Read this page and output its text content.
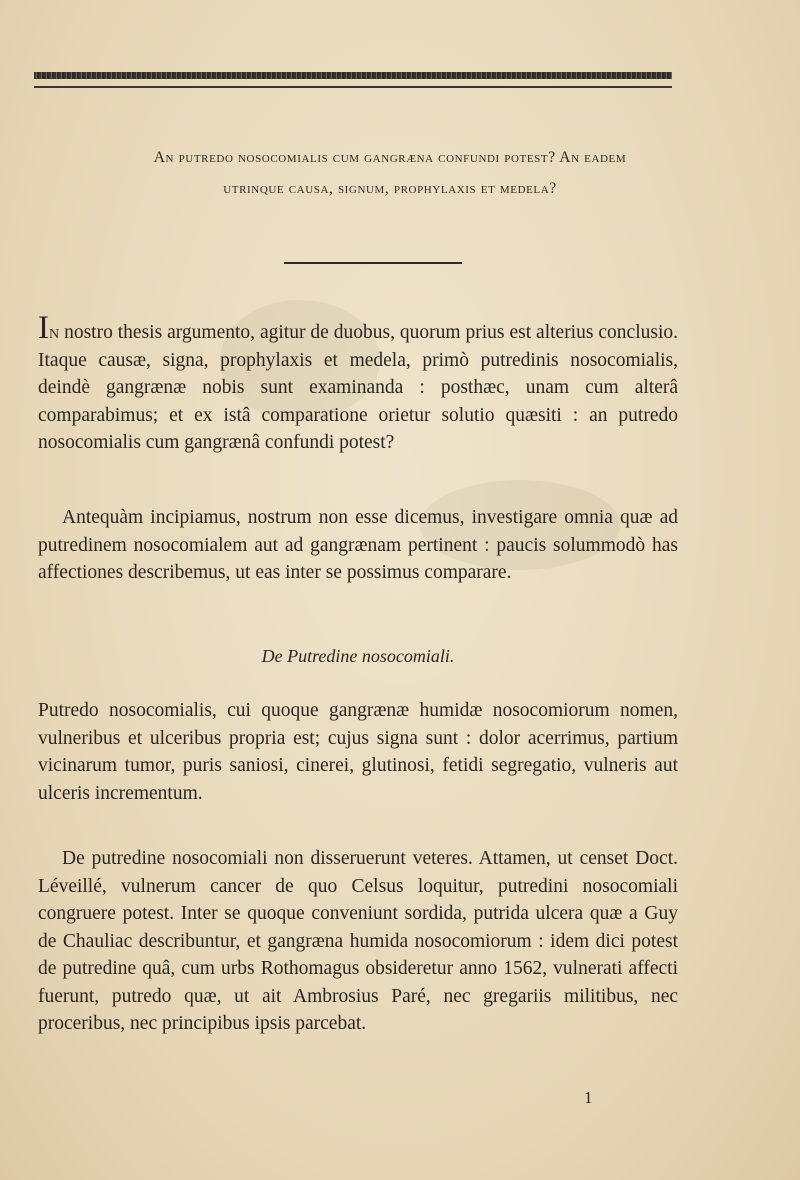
An putredo nosocomialis cum gangræna confundi potest? An eadem
utrinque causa, signum, prophylaxis et medela?
In nostro thesis argumento, agitur de duobus, quorum prius est alterius conclusio. Itaque causæ, signa, prophylaxis et medela, primò putredinis nosocomialis, deindè gangrænæ nobis sunt examinanda : posthæc, unam cum alterâ comparabimus; et ex istâ comparatione orietur solutio quæsiti : an putredo nosocomialis cum gangrænâ confundi potest?
Antequàm incipiamus, nostrum non esse dicemus, investigare omnia quæ ad putredinem nosocomialem aut ad gangrænam pertinent : paucis solummodò has affectiones describemus, ut eas inter se possimus comparare.
De Putredine nosocomiali.
Putredo nosocomialis, cui quoque gangrænæ humidæ nosocomiorum nomen, vulneribus et ulceribus propria est; cujus signa sunt : dolor acerrimus, partium vicinarum tumor, puris saniosi, cinerei, glutinosi, fetidi segregatio, vulneris aut ulceris incrementum.
De putredine nosocomiali non disseruerunt veteres. Attamen, ut censet Doct. Léveillé, vulnerum cancer de quo Celsus loquitur, putredini nosocomiali congruere potest. Inter se quoque conveniunt sordida, putrida ulcera quæ a Guy de Chauliac describuntur, et gangræna humida nosocomiorum : idem dici potest de putredine quâ, cum urbs Rothomagus obsideretur anno 1562, vulnerati affecti fuerunt, putredo quæ, ut ait Ambrosius Paré, nec gregariis militibus, nec proceribus, nec principibus ipsis parcebat.
1
